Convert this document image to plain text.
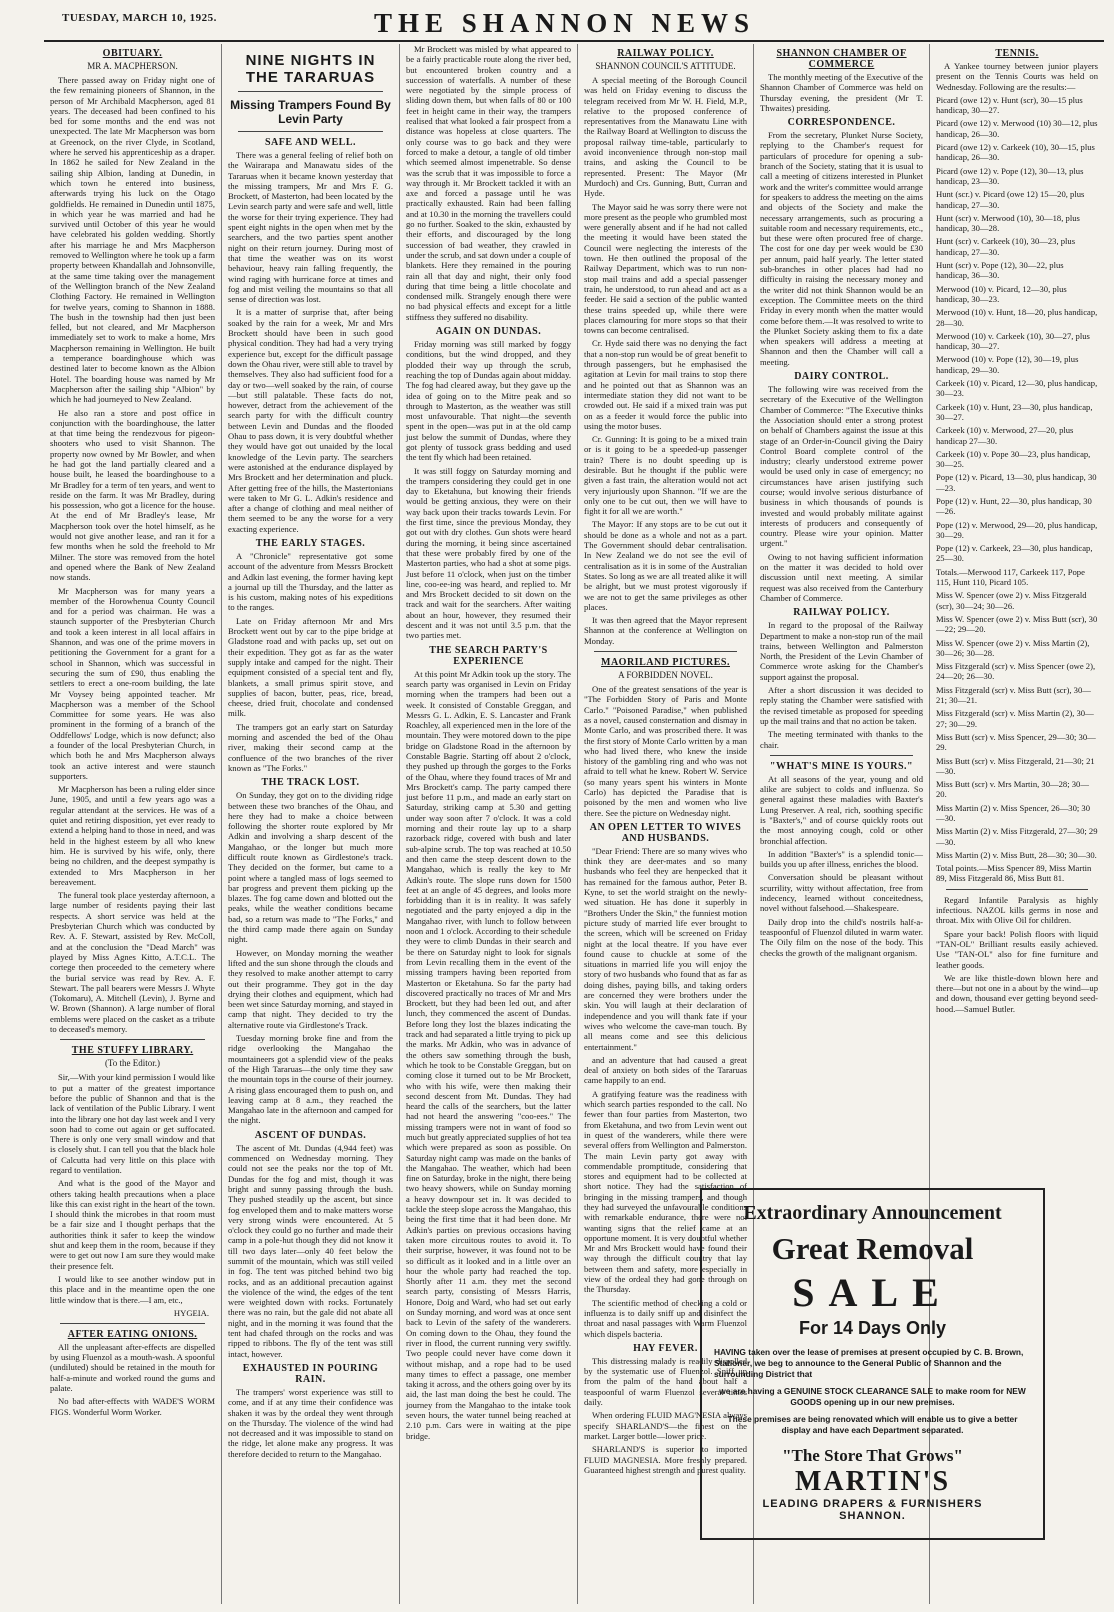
TUESDAY, MARCH 10, 1925.	THE SHANNON NEWS
OBITUARY.
MR A. MACPHERSON.

There passed away on Friday night one of the few remaining pioneers of Shannon, in the person of Mr Archibald Macpherson, aged 81 years. The deceased had been confined to his bed for some months and the end was not unexpected. The late Mr Macpherson was born at Greenock, on the river Clyde, in Scotland, where he served his apprenticeship as a draper. In 1862 he sailed for New Zealand in the sailing ship Albion, landing at Dunedin, in which town he entered into business, afterwards trying his luck on the Otago goldfields. He remained in Dunedin until 1875, in which year he was married and had he survived until October of this year he would have celebrated his golden wedding. Shortly after his marriage he and Mrs Macpherson removed to Wellington where he took up a farm property between Khandallah and Johnsonville, at the same time taking over the management of the Wellington branch of the New Zealand Clothing Factory. He remained in Wellington for twelve years, coming to Shannon in 1888. The bush in the township had then just been felled, but not cleared, and Mr Macpherson immediately set to work to make a home, Mrs Macpherson remaining in Wellington. He built a temperance boardinghouse which was destined later to become known as the Albion Hotel. The boarding house was named by Mr Macpherson after the sailing ship "Albion" by which he had journeyed to New Zealand.

He also ran a store and post office in conjunction with the boardinghouse, the latter at that time being the rendezvous for pigeon-shooters who used to visit Shannon. The property now owned by Mr Bowler, and when he had got the land partially cleared and a house built, he leased the boardinghouse to a Mr Bradley for a term of ten years, and went to reside on the farm. It was Mr Bradley, during his possession, who got a licence for the house. At the end of Mr Bradley's lease, Mr Macpherson took over the hotel himself, as he would not give another lease, and ran it for a few months when he sold the freehold to Mr Milner. The store was removed from the hotel and opened where the Bank of New Zealand now stands.

Mr Macpherson was for many years a member of the Horowhenua County Council and for a period was chairman. He was a staunch supporter of the Presbyterian Church and took a keen interest in all local affairs in Shannon, and was one of the prime movers in petitioning the Government for a grant for a school in Shannon, which was successful in securing the sum of £90, thus enabling the settlers to erect a one-room building, the late Mr Voysey being appointed teacher. Mr Macpherson was a member of the School Committee for some years. He was also prominent in the forming of a branch of the Oddfellows' Lodge, which is now defunct; also a founder of the local Presbyterian Church, in which both he and Mrs Macpherson always took an active interest and were staunch supporters.

Mr Macpherson has been a ruling elder since June, 1905, and until a few years ago was a regular attendant at the services. He was of a quiet and retiring disposition, yet ever ready to extend a helping hand to those in need, and was held in the highest esteem by all who knew him. He is survived by his wife, only, there being no children, and the deepest sympathy is extended to Mrs Macpherson in her bereavement.

The funeral took place yesterday afternoon, a large number of residents paying their last respects. A short service was held at the Presbyterian Church which was conducted by Rev. A. F. Stewart, assisted by Rev. McColl, and at the conclusion the "Dead March" was played by Miss Agnes Kitto, A.T.C.L. The cortege then proceeded to the cemetery where the burial service was read by Rev. A. F. Stewart. The pall bearers were Messrs J. Whyte (Tokomaru), A. Mitchell (Levin), J. Byrne and W. Brown (Shannon). A large number of floral emblems were placed on the casket as a tribute to deceased's memory.

THE STUFFY LIBRARY.
(To the Editor.)

Sir,—With your kind permission I would like to put a matter of the greatest importance before the public of Shannon and that is the lack of ventilation of the Public Library. I went into the library one hot day last week and I very soon had to come out again or get suffocated. There is only one very small window and that is closely shut. I can tell you that the black hole of Calcutta had very little on this place with regard to ventilation.

And what is the good of the Mayor and others taking health precautions when a place like this can exist right in the heart of the town. I should think the microbes in that room must be a fair size and I thought perhaps that the authorities think it safer to keep the window shut and keep them in the room, because if they were to get out now I am sure they would make their presence felt.

I would like to see another window put in this place and in the meantime open the one little window that is there.—I am, etc.,

HYGEIA.
AFTER EATING ONIONS.

All the unpleasant after-effects are dispelled by using Fluenzol as a mouth-wash. A spoonful (undiluted) should be retained in the mouth for half-a-minute and worked round the gums and palate.

No bad after-effects with WADE'S WORM FIGS. Wonderful Worm Worker.

NINE NIGHTS IN THE TARARUAS
Missing Trampers Found By Levin Party
SAFE AND WELL.

There was a general feeling of relief both on the Wairarapa and Manawatu sides of the Tararuas when it became known yesterday that the missing trampers, Mr and Mrs F. G. Brockett, of Masterton, had been located by the Levin search party and were safe and well, little the worse for their trying experience. They had spent eight nights in the open when met by the searchers, and the two parties spent another night on their return journey. During most of that time the weather was on its worst behaviour, heavy rain falling frequently, the wind raging with hurricane force at times and fog and mist veiling the mountains so that all sense of direction was lost.

It is a matter of surprise that, after being soaked by the rain for a week, Mr and Mrs Brockett should have been in such good physical condition. They had had a very trying experience but, except for the difficult passage down the Ohau river, were still able to travel by themselves. They also had sufficient food for a day or two—well soaked by the rain, of course—but still palatable. These facts do not, however, detract from the achievement of the search party for with the difficult country between Levin and Dundas and the flooded Ohau to pass down, it is very doubtful whether they would have got out unaided by the local knowledge of the Levin party. The searchers were astonished at the endurance displayed by Mrs Brockett and her determination and pluck. After getting free of the hills, the Mastertonians were taken to Mr G. L. Adkin's residence and after a change of clothing and meal neither of them seemed to be any the worse for a very exacting experience.

THE EARLY STAGES.

A "Chronicle" representative got some account of the adventure from Messrs Brockett and Adkin last evening, the former having kept a journal up till the Thursday, and the latter as is his custom, making notes of his expeditions to the ranges.

Late on Friday afternoon Mr and Mrs Brockett went out by car to the pipe bridge at Gladstone road and with packs up, set out on their expedition. They got as far as the water supply intake and camped for the night. Their equipment consisted of a special tent and fly, blankets, a small primus spirit stove, and supplies of bacon, butter, peas, rice, bread, cheese, dried fruit, chocolate and condensed milk.

The trampers got an early start on Saturday morning and ascended the bed of the Ohau river, making their second camp at the confluence of the two branches of the river known as "The Forks."

THE TRACK LOST.

On Sunday, they got on to the dividing ridge between these two branches of the Ohau, and here they had to make a choice between following the shorter route explored by Mr Adkin and involving a sharp descent of the Mangahao, or the longer but much more difficult route known as Girdlestone's track. They decided on the former, but came to a point where a tangled mass of logs seemed to bar progress and prevent them picking up the blazes. The fog came down and blotted out the peaks, while the weather conditions became bad, so a return was made to "The Forks," and the third camp made there again on Sunday night.

However, on Monday morning the weather lifted and the sun shone through the clouds and they resolved to make another attempt to carry out their programme. They got in the day drying their clothes and equipment, which had been wet since Saturday morning, and stayed in camp that night. They decided to try the alternative route via Girdlestone's Track.

Tuesday morning broke fine and from the ridge overlooking the Mangahao the mountaineers got a splendid view of the peaks of the High Tararuas—the only time they saw the mountain tops in the course of their journey. A rising glass encouraged them to push on, and leaving camp at 8 a.m., they reached the Mangahao late in the afternoon and camped for the night.

ASCENT OF DUNDAS.

The ascent of Mt. Dundas (4,944 feet) was commenced on Wednesday morning. They could not see the peaks nor the top of Mt. Dundas for the fog and mist, though it was bright and sunny passing through the bush. They pushed steadily up the ascent, but since fog enveloped them and to make matters worse very strong winds were encountered. At 5 o'clock they could go no further and made their camp in a pole-hut though they did not know it till two days later—only 40 feet below the summit of the mountain, which was still veiled in fog. The tent was pitched behind two big rocks, and as an additional precaution against the violence of the wind, the edges of the tent were weighted down with rocks. Fortunately there was no rain, but the gale did not abate all night, and in the morning it was found that the tent had chafed through on the rocks and was ripped to ribbons. The fly of the tent was still intact, however.

EXHAUSTED IN POURING RAIN.

The trampers' worst experience was still to come, and if at any time their confidence was shaken it was by the ordeal they went through on the Thursday. The violence of the wind had not decreased and it was impossible to stand on the ridge, let alone make any progress. It was therefore decided to return to the Mangahao.

Mr Brockett was misled by what appeared to be a fairly practicable route along the river bed, but encountered broken country and a succession of waterfalls. A number of these were negotiated by the simple process of sliding down them, but when falls of 80 or 100 feet in height came in their way, the trampers realised that what looked a fair prospect from a distance was hopeless at close quarters. The only course was to go back and they were forced to make a detour, a tangle of old timber which seemed almost impenetrable. So dense was the scrub that it was impossible to force a way through it. Mr Brockett tackled it with an axe and forced a passage until he was practically exhausted. Rain had been falling and at 10.30 in the morning the travellers could go no further. Soaked to the skin, exhausted by their efforts, and discouraged by the long succession of bad weather, they crawled in under the scrub, and sat down under a couple of blankets. Here they remained in the pouring rain all that day and night, their only food during that time being a little chocolate and condensed milk. Strangely enough there were no bad physical effects and except for a little stiffness they suffered no disability.

AGAIN ON DUNDAS.

Friday morning was still marked by foggy conditions, but the wind dropped, and they plodded their way up through the scrub, reaching the top of Dundas again about midday. The fog had cleared away, but they gave up the idea of going on to the Mitre peak and so through to Masterton, as the weather was still most unfavourable. That night—the seventh spent in the open—was put in at the old camp just below the summit of Dundas, where they got plenty of tussock grass bedding and used the tent fly which had been retained.

It was still foggy on Saturday morning and the trampers considering they could get in one day to Eketahuna, but knowing their friends would be getting anxious, they were on their way back upon their tracks towards Levin. For the first time, since the previous Monday, they got out with dry clothes. Gun shots were heard during the morning, it being since ascertained that these were probably fired by one of the Masterton parties, who had a shot at some pigs. Just before 11 o'clock, when just on the timber line, coo-ee-ing was heard, and replied to. Mr and Mrs Brockett decided to sit down on the track and wait for the searchers. After waiting about an hour, however, they resumed their descent and it was not until 3.5 p.m. that the two parties met.

THE SEARCH PARTY'S EXPERIENCE

At this point Mr Adkin took up the story. The search party was organised in Levin on Friday morning when the trampers had been out a week. It consisted of Constable Greggan, and Messrs G. L. Adkin, E. S. Lancaster and Frank Roachley, all experienced men in the lore of the mountain. They were motored down to the pipe bridge on Gladstone Road in the afternoon by Constable Bagrie. Starting off about 2 o'clock, they pushed up through the gorges to the Forks of the Ohau, where they found traces of Mr and Mrs Brockett's camp. The party camped there just before 11 p.m., and made an early start on Saturday, striking camp at 5.30 and getting under way soon after 7 o'clock. It was a cold morning and their route lay up to a sharp razorback ridge, covered with bush and later sub-alpine scrub. The top was reached at 10.50 and then came the steep descent down to the Mangahao, which is really the key to Mr Adkin's route. The slope runs down for 1500 feet at an angle of 45 degrees, and looks more forbidding than it is in reality. It was safely negotiated and the party enjoyed a dip in the Mangahao river, with lunch to follow between noon and 1 o'clock. According to their schedule they were to climb Dundas in their search and be there on Saturday night to look for signals from Levin recalling them in the event of the missing trampers having been reported from Masterton or Eketahuna. So far the party had discovered practically no traces of Mr and Mrs Brockett, but they had been led out, and after lunch, they commenced the ascent of Dundas. Before long they lost the blazes indicating the track and had separated a little trying to pick up the marks. Mr Adkin, who was in advance of the others saw something through the bush, which he took to be Constable Greggan, but on coming close it turned out to be Mr Brockett, who with his wife, were then making their second descent from Mt. Dundas. They had heard the calls of the searchers, but the latter had not heard the answering "coo-ees." The missing trampers were not in want of food so much but greatly appreciated supplies of hot tea which were prepared as soon as possible. On Saturday night camp was made on the banks of the Mangahao. The weather, which had been fine on Saturday, broke in the night, there being two heavy showers, while on Sunday morning a heavy downpour set in. It was decided to tackle the steep slope across the Mangahao, this being the first time that it had been done. Mr Adkin's parties on previous occasions having taken more circuitous routes to avoid it. To their surprise, however, it was found not to be so difficult as it looked and in a little over an hour the whole party had reached the top. Shortly after 11 a.m. they met the second search party, consisting of Messrs Harris, Honore, Doig and Ward, who had set out early on Sunday morning, and word was at once sent back to Levin of the safety of the wanderers. On coming down to the Ohau, they found the river in flood, the current running very swiftly. Two people could never have come down it without mishap, and a rope had to be used many times to effect a passage, one member taking it across, and the others going over by its aid, the last man doing the best he could. The journey from the Mangahao to the intake took seven hours, the water tunnel being reached at 2.10 p.m. Cars were in waiting at the pipe bridge.

RAILWAY POLICY.
SHANNON COUNCIL'S ATTITUDE.

A special meeting of the Borough Council was held on Friday evening to discuss the telegram received from Mr W. H. Field, M.P., relative to the proposed conference of representatives from the Manawatu Line with the Railway Board at Wellington to discuss the proposal railway time-table, particularly to avoid inconvenience through non-stop mail trains, and asking the Council to be represented. Present: The Mayor (Mr Murdoch) and Crs. Gunning, Butt, Curran and Hyde.

The Mayor said he was sorry there were not more present as the people who grumbled most were generally absent and if he had not called the meeting it would have been stated the Council were neglecting the interests of the town. He then outlined the proposal of the Railway Department, which was to run non-stop mail trains and add a special passenger train, he understood, to run ahead and act as a feeder. He said a section of the public wanted these trains speeded up, while there were places clamouring for more stops so that their towns can become centralised.

Cr. Hyde said there was no denying the fact that a non-stop run would be of great benefit to through passengers, but he emphasised the agitation at Levin for mail trains to stop there and he pointed out that as Shannon was an intermediate station they did not want to be crowded out. He said if a mixed train was put on as a feeder it would force the public into using the motor buses.

Cr. Gunning: It is going to be a mixed train or is it going to be a speeded-up passenger train? There is no doubt speeding up is desirable. But he thought if the public were given a fast train, the alteration would not act very injuriously upon Shannon. "If we are the only one to be cut out, then we will have to fight it for all we are worth."

The Mayor: If any stops are to be cut out it should be done as a whole and not as a part. The Government should debar centralisation. In New Zealand we do not see the evil of centralisation as it is in some of the Australian States. So long as we are all treated alike it will be alright, but we must protest vigorously if we are not to get the same privileges as other places.

It was then agreed that the Mayor represent Shannon at the conference at Wellington on Monday.

MAORILAND PICTURES.
A FORBIDDEN NOVEL.

One of the greatest sensations of the year is "The Forbidden Story of Paris and Monte Carlo." "Poisoned Paradise," when published as a novel, caused consternation and dismay in Monte Carlo, and was proscribed there. It was the first story of Monte Carlo written by a man who had lived there, who knew the inside history of the gambling ring and who was not afraid to tell what he knew. Robert W. Service (so many years spent his winters in Monte Carlo) has depicted the Paradise that is poisoned by the men and women who live there. See the picture on Wednesday night.

AN OPEN LETTER TO WIVES AND HUSBANDS.

"Dear Friend: There are so many wives who think they are deer-mates and so many husbands who feel they are henpecked that it has remained for the famous author, Peter B. Kyne, to set the world straight on the newly-wed situation. He has done it superbly in "Brothers Under the Skin," the funniest motion picture study of married life ever brought to the screen, which will be screened on Friday night at the local theatre. If you have ever found cause to chuckle at some of the situations in married life you will enjoy the story of two husbands who found that as far as doing dishes, paying bills, and taking orders are concerned they were brothers under the skin. You will laugh at their declaration of independence and you will thank fate if your wives who welcome the cave-man touch. By all means come and see this delicious entertainment."

and an adventure that had caused a great deal of anxiety on both sides of the Tararuas came happily to an end.

A gratifying feature was the readiness with which search parties responded to the call. No fewer than four parties from Masterton, two from Eketahuna, and two from Levin went out in quest of the wanderers, while there were several offers from Wellington and Palmerston. The main Levin party got away with commendable promptitude, considering that stores and equipment had to be collected at short notice. They had the satisfaction of bringing in the missing trampers, and though they had surveyed the unfavourable conditions with remarkable endurance, there were not wanting signs that the relief came at an opportune moment. It is very doubtful whether Mr and Mrs Brockett would have found their way through the difficult country that lay between them and safety, more especially in view of the ordeal they had gone through on the Thursday.

The scientific method of checking a cold or influenza is to daily sniff up and disinfect the throat and nasal passages with Warm Fluenzol which dispels bacteria.

HAY FEVER.

This distressing malady is readily dispelled by the systematic use of Fluenzol. Sniff up from the palm of the hand about half a teaspoonful of warm Fluenzol several times daily.

When ordering FLUID MAG'NESIA always specify SHARLAND'S—the finest on the market. Larger bottle—lower price.

SHARLAND'S is superior to imported FLUID MAGNESIA. More freshly prepared. Guaranteed highest strength and purest quality.

SHANNON CHAMBER OF COMMERCE

The monthly meeting of the Executive of the Shannon Chamber of Commerce was held on Thursday evening, the president (Mr T. Thwaites) presiding.

CORRESPONDENCE.

From the secretary, Plunket Nurse Society, replying to the Chamber's request for particulars of procedure for opening a sub-branch of the Society, stating that it is usual to call a meeting of citizens interested in Plunket work and the writer's committee would arrange for speakers to address the meeting on the aims and objects of the Society and make the necessary arrangements, such as procuring a suitable room and necessary requirements, etc., but these were often procured free of charge. The cost for one day per week would be £30 per annum, paid half yearly. The letter stated sub-branches in other places had had no difficulty in raising the necessary money and the writer did not think Shannon would be an exception. The Committee meets on the third Friday in every month when the matter would come before them.—It was resolved to write to the Plunket Society asking them to fix a date when speakers will address a meeting at Shannon and then the Chamber will call a meeting.

DAIRY CONTROL.

The following wire was received from the secretary of the Executive of the Wellington Chamber of Commerce: "The Executive thinks the Association should enter a strong protest on behalf of Chambers against the issue at this stage of an Order-in-Council giving the Dairy Control Board complete control of the industry; clearly understood extreme power would be used only in case of emergency; no circumstances have arisen justifying such course; would involve serious disturbance of business in which thousands of pounds is invested and would probably militate against interests of producers and consequently of country. Please wire your opinion. Matter urgent."

Owing to not having sufficient information on the matter it was decided to hold over discussion until next meeting. A similar request was also received from the Canterbury Chamber of Commerce.

RAILWAY POLICY.

In regard to the proposal of the Railway Department to make a non-stop run of the mail trains, between Wellington and Palmerston North, the President of the Levin Chamber of Commerce wrote asking for the Chamber's support against the proposal.

After a short discussion it was decided to reply stating the Chamber were satisfied with the revised timetable as proposed for speeding up the mail trains and that no action be taken.

The meeting terminated with thanks to the chair.

"WHAT'S MINE IS YOURS."

At all seasons of the year, young and old alike are subject to colds and influenza. So general against these maladies with Baxter's Lung Preserver. A real, rich, soothing specific is "Baxter's," and of course quickly roots out the most annoying cough, cold or other bronchial affection.

In addition "Baxter's" is a splendid tonic—builds you up after illness, enriches the blood.

Conversation should be pleasant without scurrility, witty without affectation, free from indecency, learned without conceitedness, novel without falsehood.—Shakespeare.

Daily drop into the child's nostrils half-a-teaspoonful of Fluenzol diluted in warm water. The Oily film on the nose of the body. This checks the growth of the malignant organism.

TENNIS.

A Yankee tourney between junior players present on the Tennis Courts was held on Wednesday. Following are the results:—

Picard (owe 12) v. Hunt (scr), 30—15 plus handicap, 30—27.

Picard (owe 12) v. Merwood (10) 30—12, plus handicap, 26—30.

Picard (owe 12) v. Carkeek (10), 30—15, plus handicap, 26—30.

Picard (owe 12) v. Pope (12), 30—13, plus handicap, 23—30.

Hunt (scr.) v. Picard (owe 12) 15—20, plus handicap, 27—30.

Hunt (scr) v. Merwood (10), 30—18, plus handicap, 30—28.

Hunt (scr) v. Carkeek (10), 30—23, plus handicap, 27—30.

Hunt (scr) v. Pope (12), 30—22, plus handicap, 36—30.

Merwood (10) v. Picard, 12—30, plus handicap, 30—23.

Merwood (10) v. Hunt, 18—20, plus handicap, 28—30.

Merwood (10) v. Carkeek (10), 30—27, plus handicap, 30—27.

Merwood (10) v. Pope (12), 30—19, plus handicap, 29—30.

Carkeek (10) v. Picard, 12—30, plus handicap, 30—23.

Carkeek (10) v. Hunt, 23—30, plus handicap, 30—27.

Carkeek (10) v. Merwood, 27—20, plus handicap 27—30.

Carkeek (10) v. Pope 30—23, plus handicap, 30—25.

Pope (12) v. Picard, 13—30, plus handicap, 30—23.

Pope (12) v. Hunt, 22—30, plus handicap, 30—26.

Pope (12) v. Merwood, 29—20, plus handicap, 30—29.

Pope (12) v. Carkeek, 23—30, plus handicap, 25—30.

Totals.—Merwood 117, Carkeek 117, Pope 115, Hunt 110, Picard 105.

Miss W. Spencer (owe 2) v. Miss Fitzgerald (scr), 30—24; 30—26.

Miss W. Spencer (owe 2) v. Miss Butt (scr), 30—22; 29—20.

Miss W. Spencer (owe 2) v. Miss Martin (2), 30—26; 30—28.

Miss Fitzgerald (scr) v. Miss Spencer (owe 2), 24—20; 26—30.

Miss Fitzgerald (scr) v. Miss Butt (scr), 30—21; 30—21.

Miss Fitzgerald (scr) v. Miss Martin (2), 30—27; 30—29.

Miss Butt (scr) v. Miss Spencer, 29—30; 30—29.

Miss Butt (scr) v. Miss Fitzgerald, 21—30; 21—30.

Miss Butt (scr) v. Mrs Martin, 30—28; 30—20.

Miss Martin (2) v. Miss Spencer, 26—30; 30—30.

Miss Martin (2) v. Miss Fitzgerald, 27—30; 29—30.

Miss Martin (2) v. Miss Butt, 28—30; 30—30.

Total points.—Miss Spencer 89, Miss Martin 89, Miss Fitzgerald 86, Miss Butt 81.

Regard Infantile Paralysis as highly infectious. NAZOL kills germs in nose and throat. Mix with Olive Oil for children.

Spare your back! Polish floors with liquid "TAN-OL" Brilliant results easily achieved. Use "TAN-OL" also for fine furniture and leather goods.

We are like thistle-down blown here and there—but not one in a about by the wind—up and down, thousand ever getting beyond seed-hood.—Samuel Butler.

Extraordinary Announcement
Great Removal
SALE
For 14 Days Only
HAVING taken over the lease of premises at present occupied by C. B. Brown, Stationer, we beg to announce to the General Public of Shannon and the surrounding District that
we are having a GENUINE STOCK CLEARANCE SALE to make room for NEW GOODS opening up in our new premises.
These premises are being renovated which will enable us to give a better display and have each Department separated.
"The Store That Grows"
MARTIN'S
LEADING DRAPERS & FURNISHERS
SHANNON.
